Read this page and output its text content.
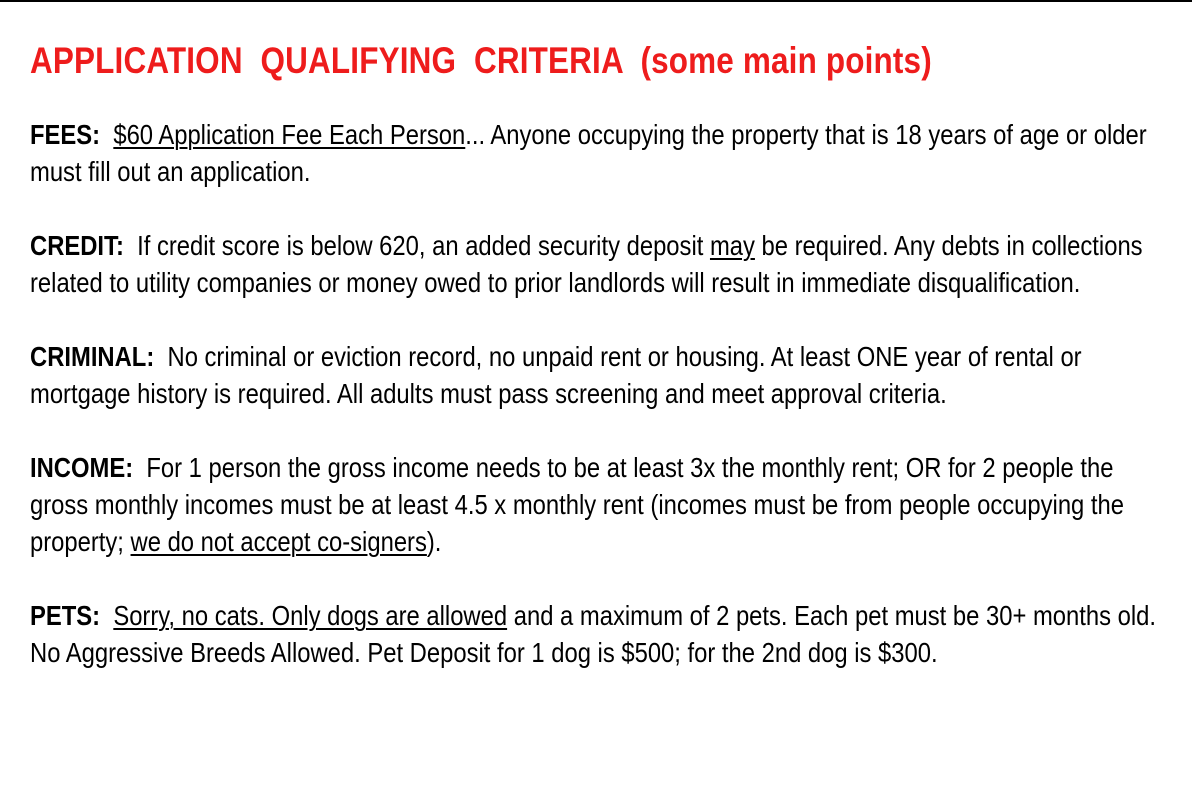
APPLICATION  QUALIFYING  CRITERIA  (some main points)

FEES: $60 Application Fee Each Person... Anyone occupying the property that is 18 years of age or older must fill out an application.

CREDIT: If credit score is below 620, an added security deposit may be required. Any debts in collections related to utility companies or money owed to prior landlords will result in immediate disqualification.

CRIMINAL: No criminal or eviction record, no unpaid rent or housing. At least ONE year of rental or mortgage history is required. All adults must pass screening and meet approval criteria.

INCOME: For 1 person the gross income needs to be at least 3x the monthly rent; OR for 2 people the gross monthly incomes must be at least 4.5 x monthly rent (incomes must be from people occupying the property; we do not accept co-signers).

PETS: Sorry, no cats. Only dogs are allowed and a maximum of 2 pets. Each pet must be 30+ months old. No Aggressive Breeds Allowed. Pet Deposit for 1 dog is $500; for the 2nd dog is $300.
